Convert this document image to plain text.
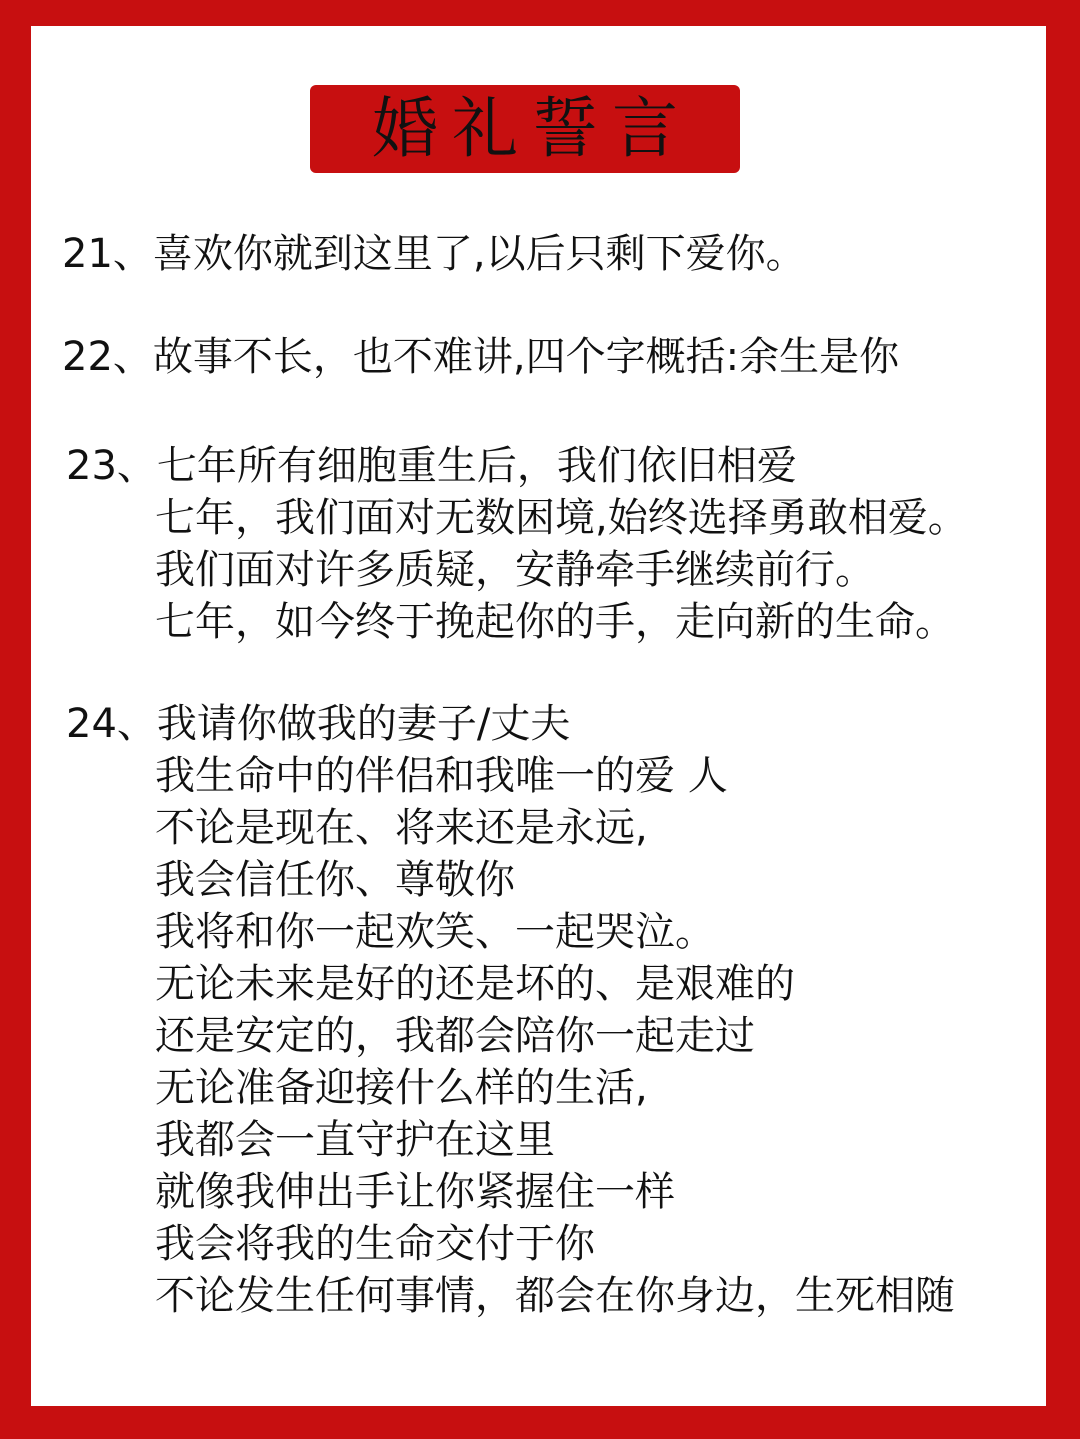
婚礼誓言
21、喜欢你就到这里了,以后只剩下爱你。
22、故事不长，也不难讲,四个字概括:余生是你
23、七年所有细胞重生后，我们依旧相爱
七年，我们面对无数困境,始终选择勇敢相爱。
我们面对许多质疑，安静牵手继续前行。
七年，如今终于挽起你的手，走向新的生命。
24、我请你做我的妻子/丈夫
我生命中的伴侣和我唯一的爱 人
不论是现在、将来还是永远,
我会信任你、尊敬你
我将和你一起欢笑、一起哭泣。
无论未来是好的还是坏的、是艰难的
还是安定的，我都会陪你一起走过
无论准备迎接什么样的生活,
我都会一直守护在这里
就像我伸出手让你紧握住一样
我会将我的生命交付于你
不论发生任何事情，都会在你身边，生死相随
